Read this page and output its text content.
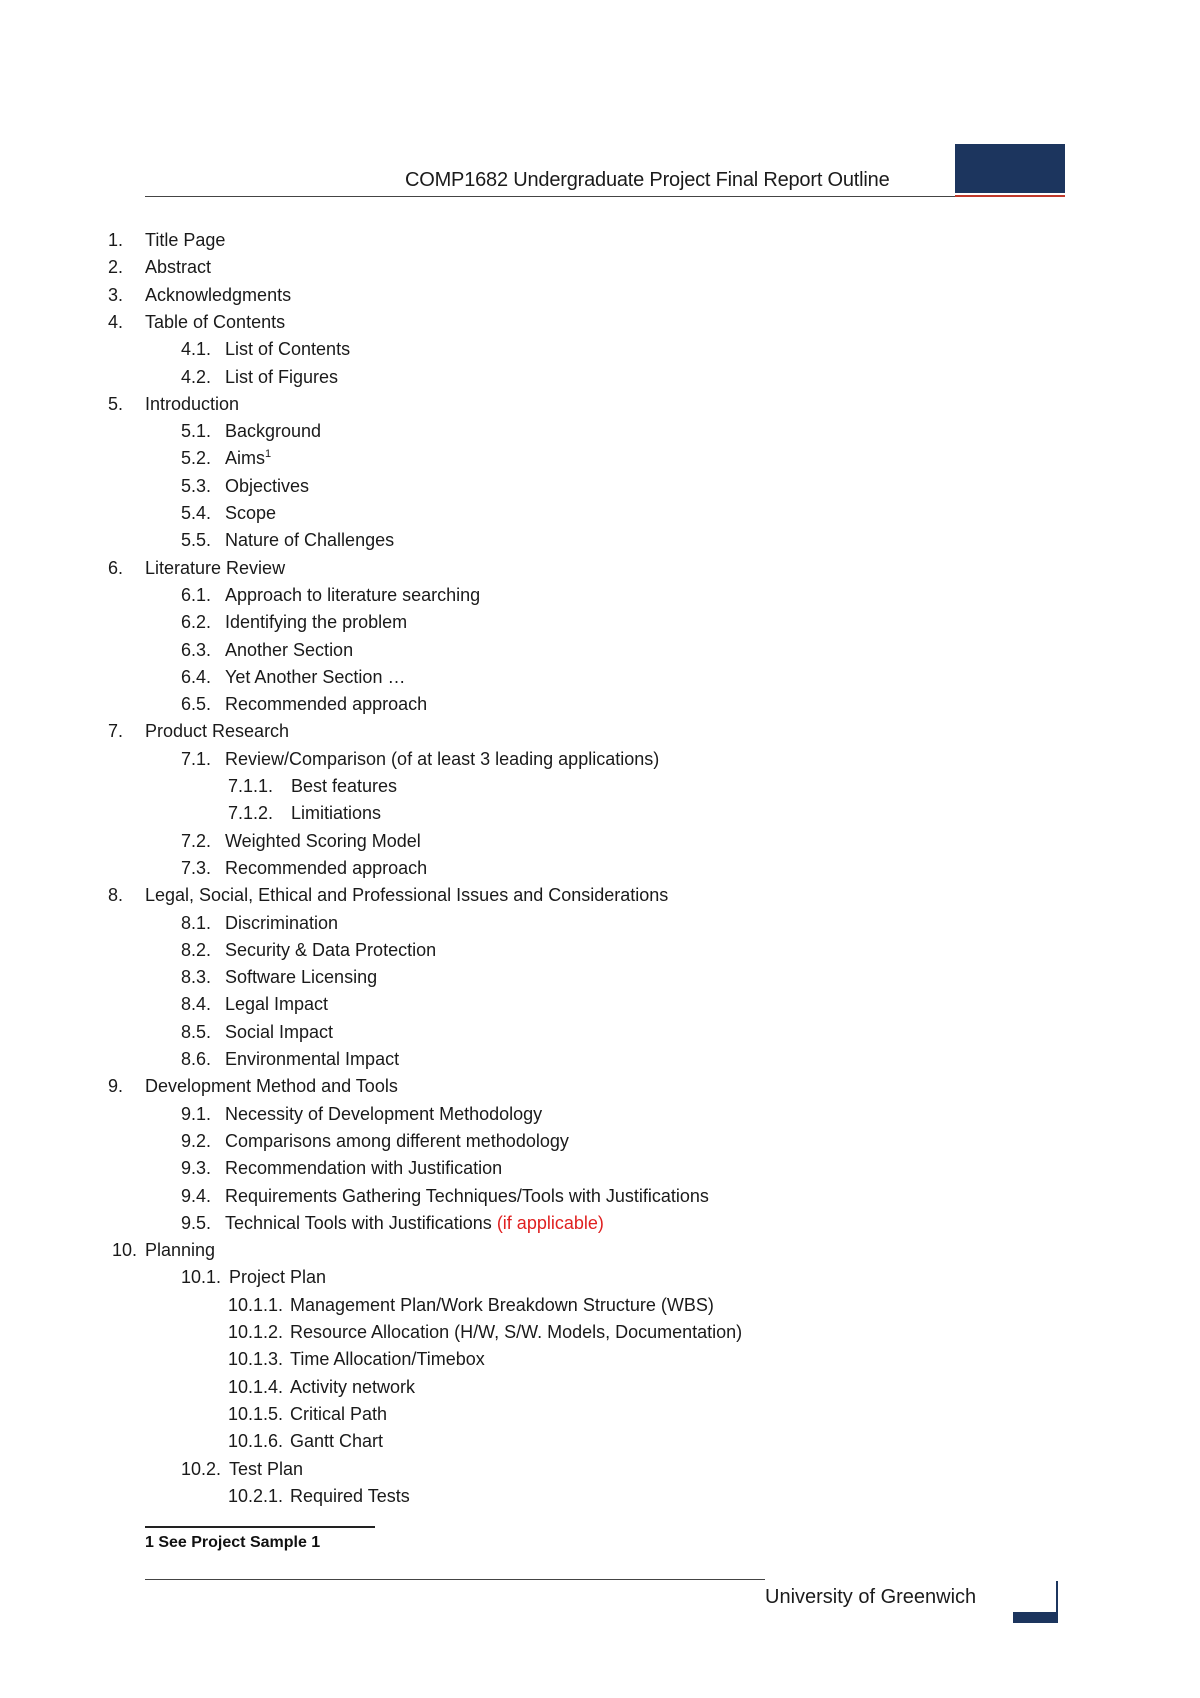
COMP1682 Undergraduate Project Final Report Outline
1. Title Page
2. Abstract
3. Acknowledgments
4. Table of Contents
4.1. List of Contents
4.2. List of Figures
5. Introduction
5.1. Background
5.2. Aims$^1$
5.3. Objectives
5.4. Scope
5.5. Nature of Challenges
6. Literature Review
6.1. Approach to literature searching
6.2. Identifying the problem
6.3. Another Section
6.4. Yet Another Section …
6.5. Recommended approach
7. Product Research
7.1. Review/Comparison (of at least 3 leading applications)
7.1.1. Best features
7.1.2. Limitiations
7.2. Weighted Scoring Model
7.3. Recommended approach
8. Legal, Social, Ethical and Professional Issues and Considerations
8.1. Discrimination
8.2. Security & Data Protection
8.3. Software Licensing
8.4. Legal Impact
8.5. Social Impact
8.6. Environmental Impact
9. Development Method and Tools
9.1. Necessity of Development Methodology
9.2. Comparisons among different methodology
9.3. Recommendation with Justification
9.4. Requirements Gathering Techniques/Tools with Justifications
9.5. Technical Tools with Justifications (if applicable)
10. Planning
10.1. Project Plan
10.1.1. Management Plan/Work Breakdown Structure (WBS)
10.1.2. Resource Allocation (H/W, S/W. Models, Documentation)
10.1.3. Time Allocation/Timebox
10.1.4. Activity network
10.1.5. Critical Path
10.1.6. Gantt Chart
10.2. Test Plan
10.2.1. Required Tests
1 See Project Sample 1
University of Greenwich
